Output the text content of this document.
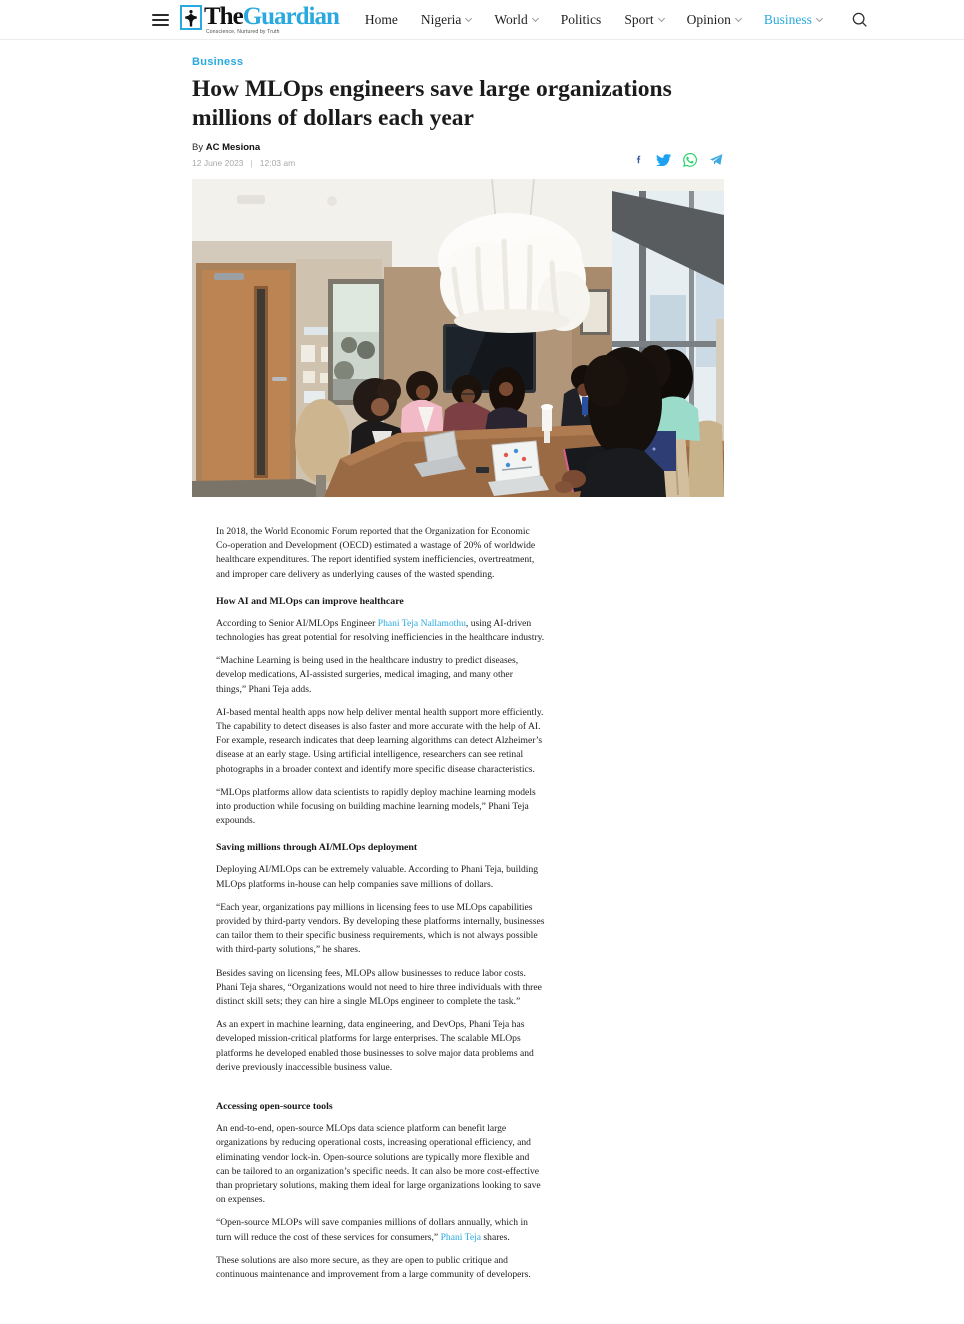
TheGuardian
Conscience, Nurtured by Truth
Home Nigeria World Politics Sport Opinion Business
Business
How MLOps engineers save large organizations millions of dollars each year
By AC Mesiona
12 June 2023 | 12:03 am

In 2018, the World Economic Forum reported that the Organization for Economic Co-operation and Development (OECD) estimated a wastage of 20% of worldwide healthcare expenditures. The report identified system inefficiencies, overtreatment, and improper care delivery as underlying causes of the wasted spending.

How AI and MLOps can improve healthcare

According to Senior AI/MLOps Engineer Phani Teja Nallamothu, using AI-driven technologies has great potential for resolving inefficiencies in the healthcare industry.

“Machine Learning is being used in the healthcare industry to predict diseases, develop medications, AI-assisted surgeries, medical imaging, and many other things,” Phani Teja adds.

AI-based mental health apps now help deliver mental health support more efficiently. The capability to detect diseases is also faster and more accurate with the help of AI. For example, research indicates that deep learning algorithms can detect Alzheimer’s disease at an early stage. Using artificial intelligence, researchers can see retinal photographs in a broader context and identify more specific disease characteristics.

“MLOps platforms allow data scientists to rapidly deploy machine learning models into production while focusing on building machine learning models,” Phani Teja expounds.

Saving millions through AI/MLOps deployment

Deploying AI/MLOps can be extremely valuable. According to Phani Teja, building MLOps platforms in-house can help companies save millions of dollars.

“Each year, organizations pay millions in licensing fees to use MLOps capabilities provided by third-party vendors. By developing these platforms internally, businesses can tailor them to their specific business requirements, which is not always possible with third-party solutions,” he shares.

Besides saving on licensing fees, MLOPs allow businesses to reduce labor costs. Phani Teja shares, “Organizations would not need to hire three individuals with three distinct skill sets; they can hire a single MLOps engineer to complete the task.”

As an expert in machine learning, data engineering, and DevOps, Phani Teja has developed mission-critical platforms for large enterprises. The scalable MLOps platforms he developed enabled those businesses to solve major data problems and derive previously inaccessible business value.

Accessing open-source tools

An end-to-end, open-source MLOps data science platform can benefit large organizations by reducing operational costs, increasing operational efficiency, and eliminating vendor lock-in. Open-source solutions are typically more flexible and can be tailored to an organization’s specific needs. It can also be more cost-effective than proprietary solutions, making them ideal for large organizations looking to save on expenses.

“Open-source MLOPs will save companies millions of dollars annually, which in turn will reduce the cost of these services for consumers,” Phani Teja shares.

These solutions are also more secure, as they are open to public critique and continuous maintenance and improvement from a large community of developers.
